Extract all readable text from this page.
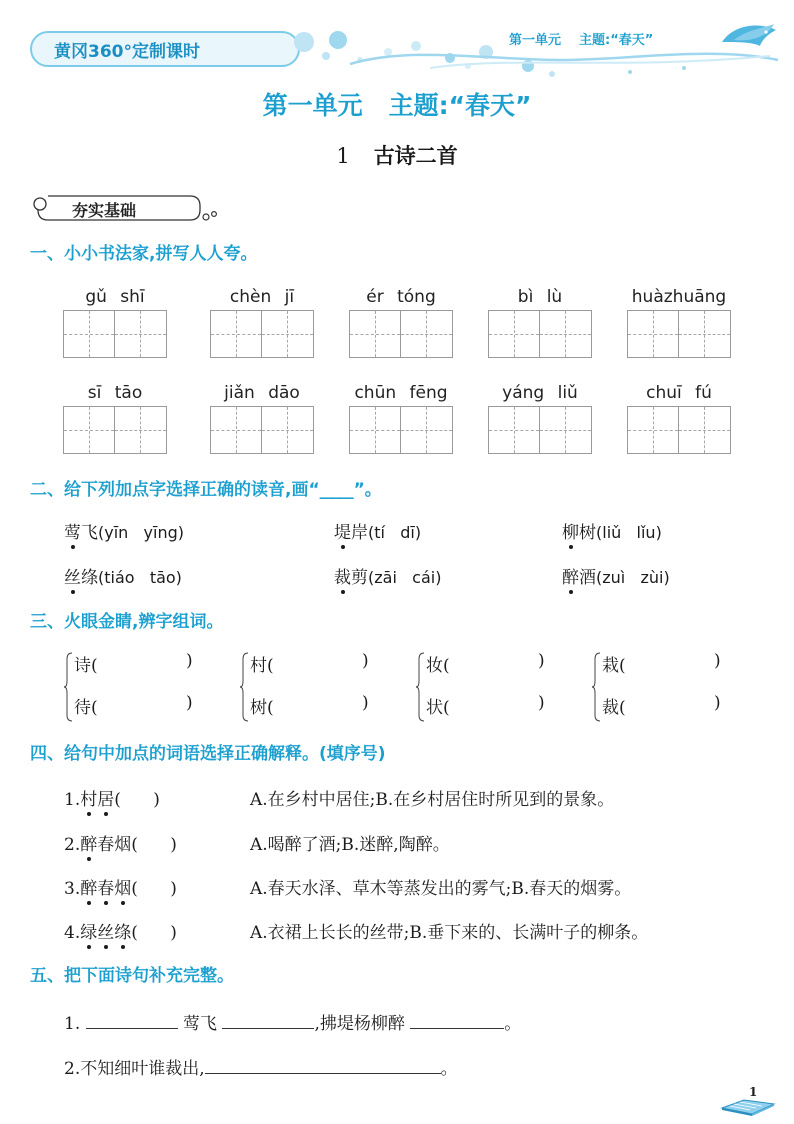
黄冈360°定制课时
第一单元 主题:“春天”
第一单元 主题:“春天”
1 古诗二首
夯实基础
一、小小书法家,拼写人人夸。
gǔ shī	chèn jī	ér tóng	bì lù	huàzhuāng
sī tāo	jiǎn dāo	chūn fēng	yáng liǔ	chuī fú
二、给下列加点字选择正确的读音,画“____”。
莺飞(yīn   yīng)	堤岸(tí   dī)	柳树(liǔ   lǐu)
丝绦(tiáo   tāo)	裁剪(zāi   cái)	醉酒(zuì   zùi)
三、火眼金睛,辨字组词。
诗(	)
待(	)
村(	)
树(	)
妆(	)
状(	)
栽(	)
裁(	)
四、给句中加点的词语选择正确解释。(填序号)
1.村居(      )	A.在乡村中居住;B.在乡村居住时所见到的景象。
2.醉春烟(      )	A.喝醉了酒;B.迷醉,陶醉。
3.醉春烟(      )	A.春天水泽、草木等蒸发出的雾气;B.春天的烟雾。
4.绿丝绦(      )	A.衣裙上长长的丝带;B.垂下来的、长满叶子的柳条。
五、把下面诗句补充完整。
1.	莺飞	,拂堤杨柳醉	。
2.不知细叶谁裁出,	。
1
